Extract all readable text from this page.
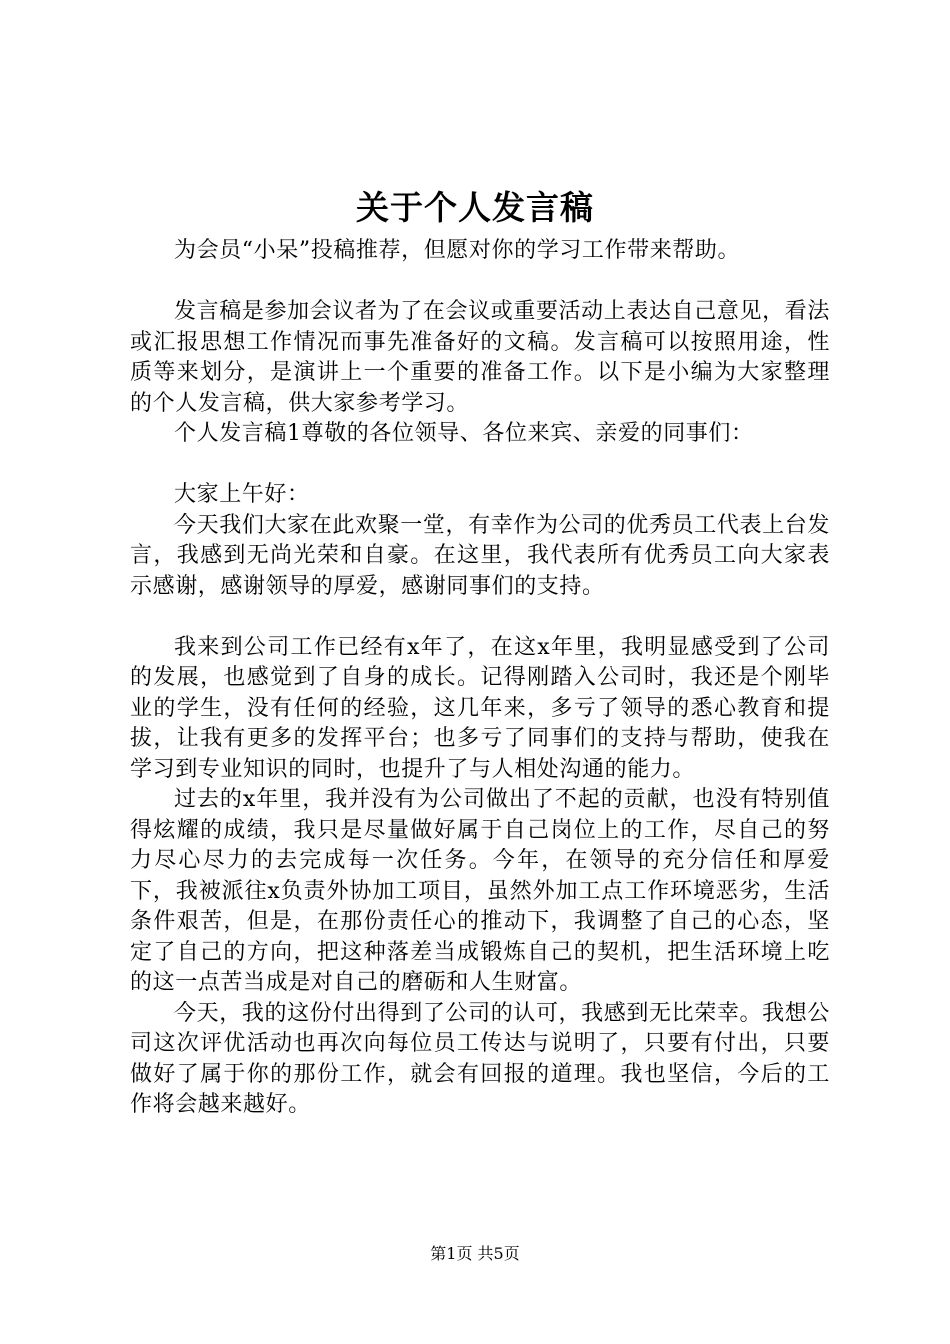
关于个人发言稿

为会员“小呆”投稿推荐，但愿对你的学习工作带来帮助。

发言稿是参加会议者为了在会议或重要活动上表达自己意见，看法或汇报思想工作情况而事先准备好的文稿。发言稿可以按照用途，性质等来划分，是演讲上一个重要的准备工作。以下是小编为大家整理的个人发言稿，供大家参考学习。

个人发言稿1尊敬的各位领导、各位来宾、亲爱的同事们：

大家上午好：

今天我们大家在此欢聚一堂，有幸作为公司的优秀员工代表上台发言，我感到无尚光荣和自豪。在这里，我代表所有优秀员工向大家表示感谢，感谢领导的厚爱，感谢同事们的支持。

我来到公司工作已经有x年了，在这x年里，我明显感受到了公司的发展，也感觉到了自身的成长。记得刚踏入公司时，我还是个刚毕业的学生，没有任何的经验，这几年来，多亏了领导的悉心教育和提拔，让我有更多的发挥平台；也多亏了同事们的支持与帮助，使我在学习到专业知识的同时，也提升了与人相处沟通的能力。

过去的x年里，我并没有为公司做出了不起的贡献，也没有特别值得炫耀的成绩，我只是尽量做好属于自己岗位上的工作，尽自己的努力尽心尽力的去完成每一次任务。今年，在领导的充分信任和厚爱下，我被派往x负责外协加工项目，虽然外加工点工作环境恶劣，生活条件艰苦，但是，在那份责任心的推动下，我调整了自己的心态，坚定了自己的方向，把这种落差当成锻炼自己的契机，把生活环境上吃的这一点苦当成是对自己的磨砺和人生财富。

今天，我的这份付出得到了公司的认可，我感到无比荣幸。我想公司这次评优活动也再次向每位员工传达与说明了，只要有付出，只要做好了属于你的那份工作，就会有回报的道理。我也坚信，今后的工作将会越来越好。

第1页 共5页
